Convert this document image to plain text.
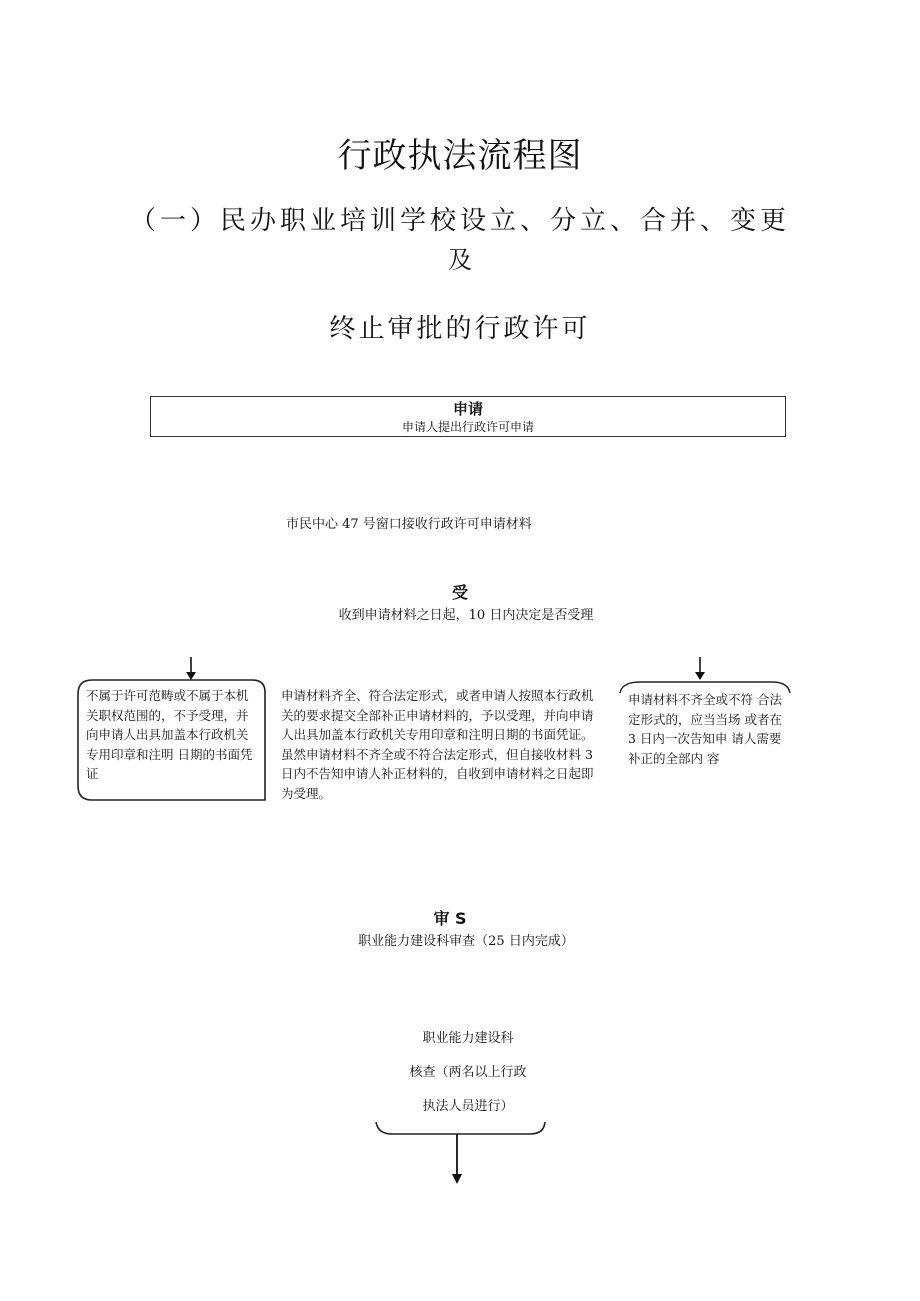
行政执法流程图
（一）民办职业培训学校设立、分立、合并、变更
及
终止审批的行政许可
申请
申请人提出行政许可申请
市民中心 47 号窗口接收行政许可申请材料
受
收到申请材料之日起，10 日内决定是否受理
不属于许可范畴或不属于本机关职权范围的，不予受理，并向申请人出具加盖本行政机关专用印章和注明 日期的书面凭证
申请材料齐全、符合法定形式，或者申请人按照本行政机关的要求提交全部补正申请材料的，予以受理，并向申请人出具加盖本行政机关专用印章和注明日期的书面凭证。虽然申请材料不齐全或不符合法定形式，但自接收材料 3 日内不告知申请人补正材料的，自收到申请材料之日起即为受理。
申请材料不齐全或不符 合法定形式的，应当当场 或者在 3 日内一次告知申 请人需要补正的全部内 容
审 S
职业能力建设科审查（25 日内完成）
职业能力建设科
核查（两名以上行政
执法人员进行）
